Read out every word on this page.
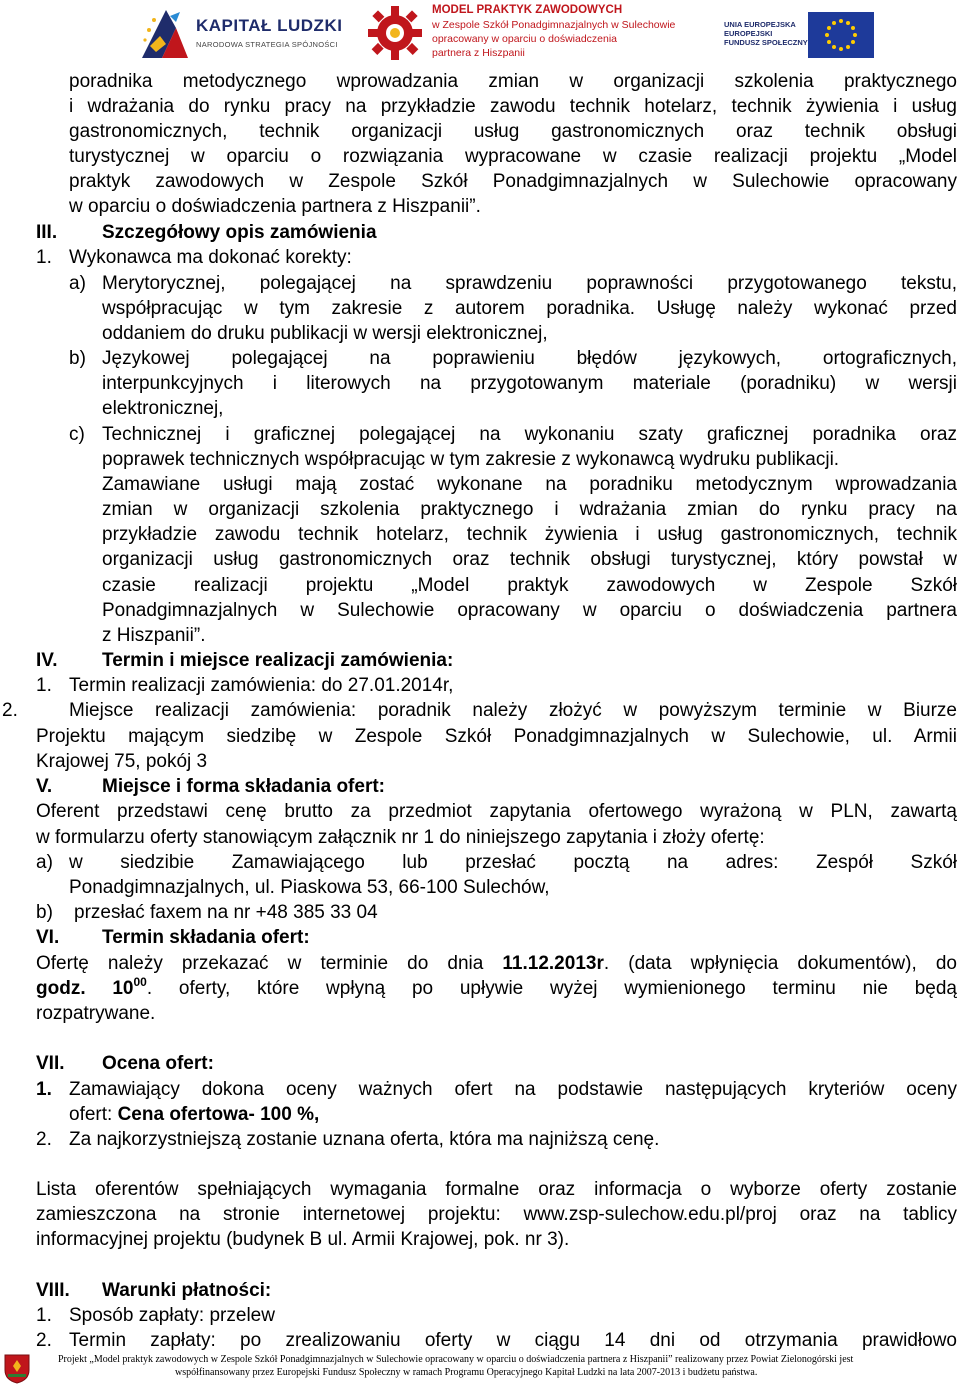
KAPITAŁ LUDZKI
NARODOWA STRATEGIA SPÓJNOŚCI
MODEL PRAKTYK ZAWODOWYCH
w Zespole Szkół Ponadgimnazjalnych w Sulechowie
opracowany w oparciu o doświadczenia
partnera z Hiszpanii
UNIA EUROPEJSKA
EUROPEJSKI
FUNDUSZ SPOŁECZNY
poradnika metodycznego wprowadzania zmian w organizacji szkolenia praktycznego
i wdrażania do rynku pracy na przykładzie zawodu technik hotelarz, technik żywienia i usług
gastronomicznych, technik organizacji usług gastronomicznych oraz technik obsługi
turystycznej w oparciu o rozwiązania wypracowane w czasie realizacji projektu „Model
praktyk zawodowych w Zespole Szkół Ponadgimnazjalnych w Sulechowie opracowany
w oparciu o doświadczenia partnera z Hiszpanii”.
III. Szczegółowy opis zamówienia
1. Wykonawca ma dokonać korekty:
a) Merytorycznej, polegającej na sprawdzeniu poprawności przygotowanego tekstu,
współpracując w tym zakresie z autorem poradnika. Usługę należy wykonać przed
oddaniem do druku publikacji w wersji elektronicznej,
b) Językowej polegającej na poprawieniu błędów językowych, ortograficznych,
interpunkcyjnych i literowych na przygotowanym materiale (poradniku) w wersji
elektronicznej,
c) Technicznej i graficznej polegającej na wykonaniu szaty graficznej poradnika oraz
poprawek technicznych współpracując w tym zakresie z wykonawcą wydruku publikacji.
Zamawiane usługi mają zostać wykonane na poradniku metodycznym wprowadzania
zmian w organizacji szkolenia praktycznego i wdrażania zmian do rynku pracy na
przykładzie zawodu technik hotelarz, technik żywienia i usług gastronomicznych, technik
organizacji usług gastronomicznych oraz technik obsługi turystycznej, który powstał w
czasie realizacji projektu „Model praktyk zawodowych w Zespole Szkół
Ponadgimnazjalnych w Sulechowie opracowany w oparciu o doświadczenia partnera
z Hiszpanii”.
IV. Termin i miejsce realizacji zamówienia:
1. Termin realizacji zamówienia: do 27.01.2014r,
2.	Miejsce realizacji zamówienia: poradnik należy złożyć w powyższym terminie w Biurze
Projektu mającym siedzibę w Zespole Szkół Ponadgimnazjalnych w Sulechowie, ul. Armii
Krajowej 75, pokój 3
V.	Miejsce i forma składania ofert:
Oferent przedstawi cenę brutto za przedmiot zapytania ofertowego wyrażoną w PLN, zawartą
w formularzu oferty stanowiącym załącznik nr 1 do niniejszego zapytania i złoży ofertę:
a) w siedzibie Zamawiającego lub przesłać pocztą na adres: Zespół Szkół
Ponadgimnazjalnych, ul. Piaskowa 53, 66-100 Sulechów,
b) przesłać faxem na nr +48 385 33 04
VI. Termin składania ofert:
Ofertę należy przekazać w terminie do dnia 11.12.2013r. (data wpłynięcia dokumentów), do
godz. $10^{00}$. oferty, które wpłyną po upływie wyżej wymienionego terminu nie będą
rozpatrywane.
VII. Ocena ofert:
1. Zamawiający dokona oceny ważnych ofert na podstawie następujących kryteriów oceny
ofert: Cena ofertowa- 100 %,
2. Za najkorzystniejszą zostanie uznana oferta, która ma najniższą cenę.
Lista oferentów spełniających wymagania formalne oraz informacja o wyborze oferty zostanie
zamieszczona na stronie internetowej projektu: www.zsp-sulechow.edu.pl/proj oraz na tablicy
informacyjnej projektu (budynek B ul. Armii Krajowej, pok. nr 3).
VIII. Warunki płatności:
1. Sposób zapłaty: przelew
2. Termin zapłaty: po zrealizowaniu oferty w ciągu 14 dni od otrzymania prawidłowo
Projekt „Model praktyk zawodowych w Zespole Szkół Ponadgimnazjalnych w Sulechowie opracowany w oparciu o doświadczenia partnera z Hiszpanii” realizowany przez Powiat Zielonogórski jest
współfinansowany przez Europejski Fundusz Społeczny w ramach Programu Operacyjnego Kapitał Ludzki na lata 2007-2013 i budżetu państwa.
